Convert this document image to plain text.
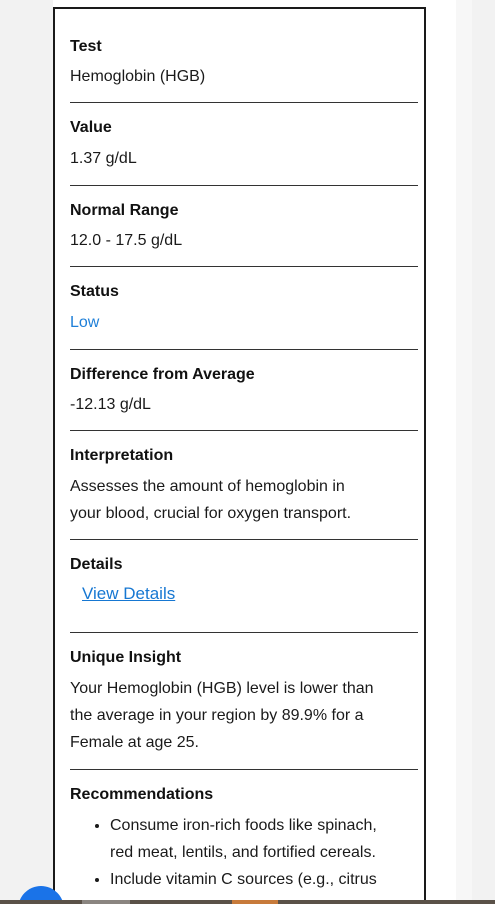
Test

Hemoglobin (HGB)

Value

1.37 g/dL

Normal Range

12.0 - 17.5 g/dL

Status

Low

Difference from Average

-12.13 g/dL

Interpretation

Assesses the amount of hemoglobin in

your blood, crucial for oxygen transport.

Details

View Details

Unique Insight

Your Hemoglobin (HGB) level is lower than

the average in your region by 89.9% for a

Female at age 25.

Recommendations

• Consume iron-rich foods like spinach,
red meat, lentils, and fortified cereals.
• Include vitamin C sources (e.g., citrus
